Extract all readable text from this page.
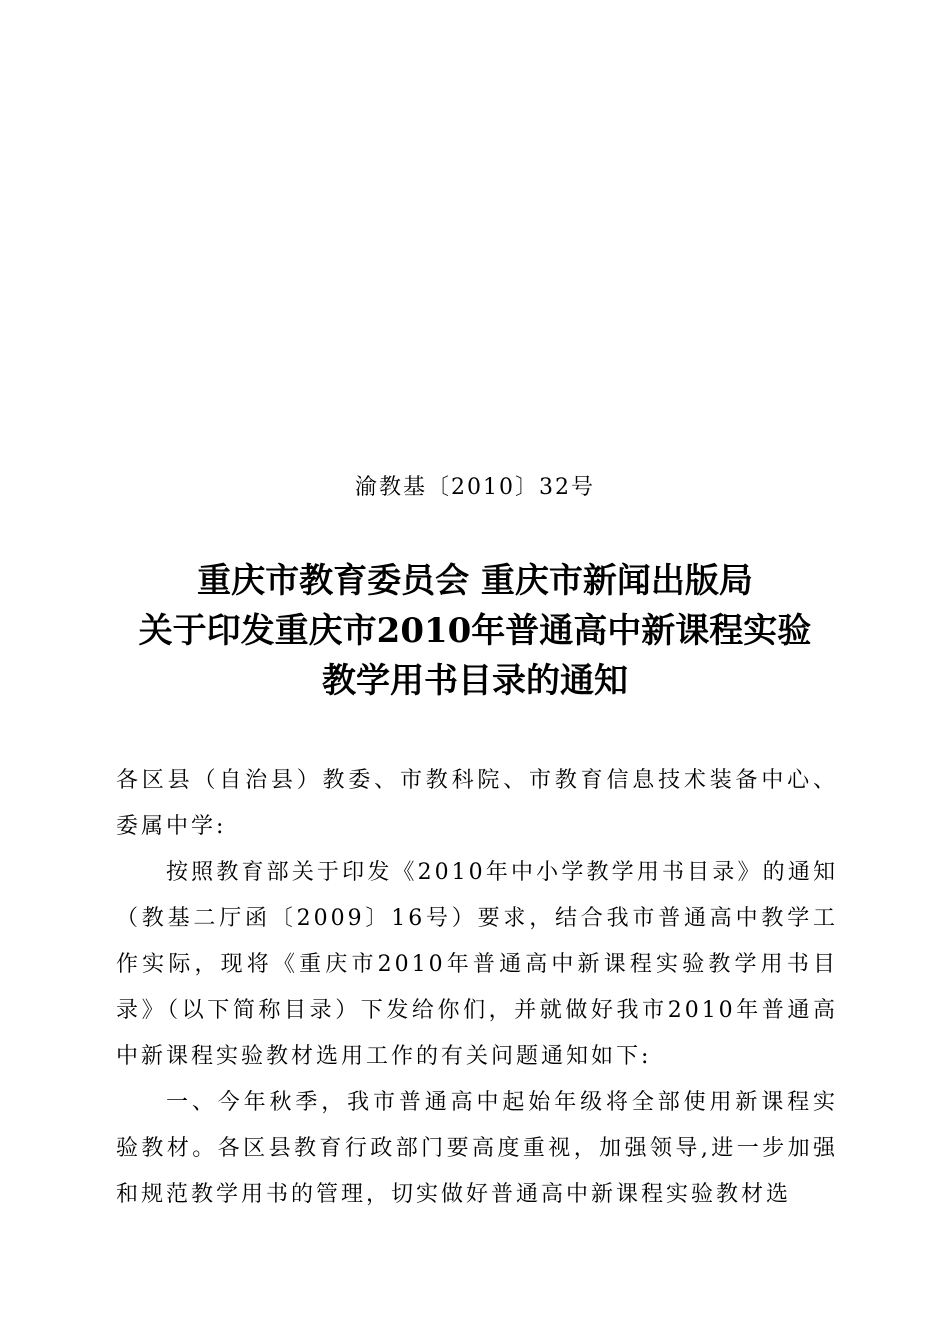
渝教基〔2010〕32号
重庆市教育委员会 重庆市新闻出版局
关于印发重庆市2010年普通高中新课程实验
教学用书目录的通知

各区县（自治县）教委、市教科院、市教育信息技术装备中心、委属中学:

按照教育部关于印发《2010年中小学教学用书目录》的通知（教基二厅函〔2009〕16号）要求，结合我市普通高中教学工作实际，现将《重庆市2010年普通高中新课程实验教学用书目录》（以下简称目录）下发给你们，并就做好我市2010年普通高中新课程实验教材选用工作的有关问题通知如下:

一、今年秋季，我市普通高中起始年级将全部使用新课程实验教材。各区县教育行政部门要高度重视，加强领导,进一步加强和规范教学用书的管理，切实做好普通高中新课程实验教材选
